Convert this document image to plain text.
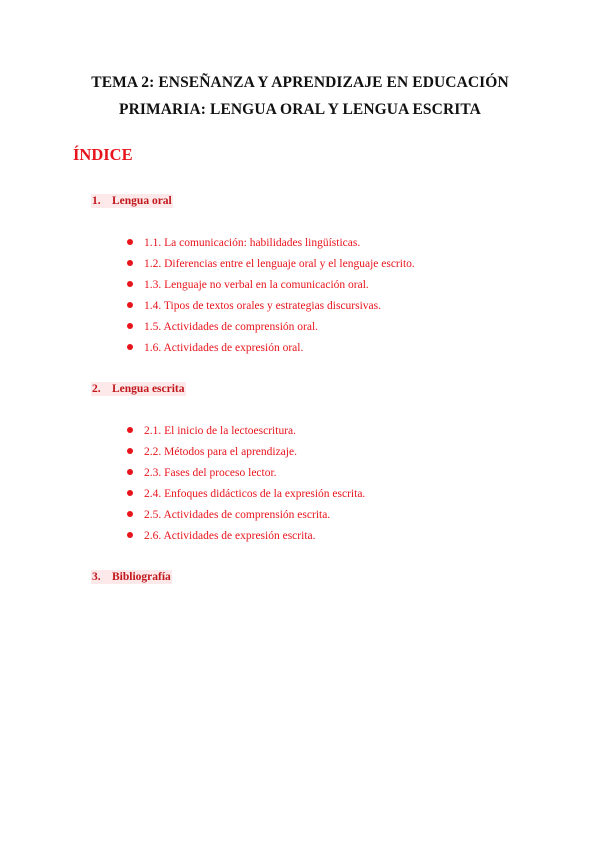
TEMA 2: ENSEÑANZA Y APRENDIZAJE EN EDUCACIÓN
PRIMARIA: LENGUA ORAL Y LENGUA ESCRITA
ÍNDICE
1. Lengua oral
1.1. La comunicación: habilidades lingüísticas.
1.2. Diferencias entre el lenguaje oral y el lenguaje escrito.
1.3. Lenguaje no verbal en la comunicación oral.
1.4. Tipos de textos orales y estrategias discursivas.
1.5. Actividades de comprensión oral.
1.6. Actividades de expresión oral.
2. Lengua escrita
2.1. El inicio de la lectoescritura.
2.2. Métodos para el aprendizaje.
2.3. Fases del proceso lector.
2.4. Enfoques didácticos de la expresión escrita.
2.5. Actividades de comprensión escrita.
2.6. Actividades de expresión escrita.
3. Bibliografía
